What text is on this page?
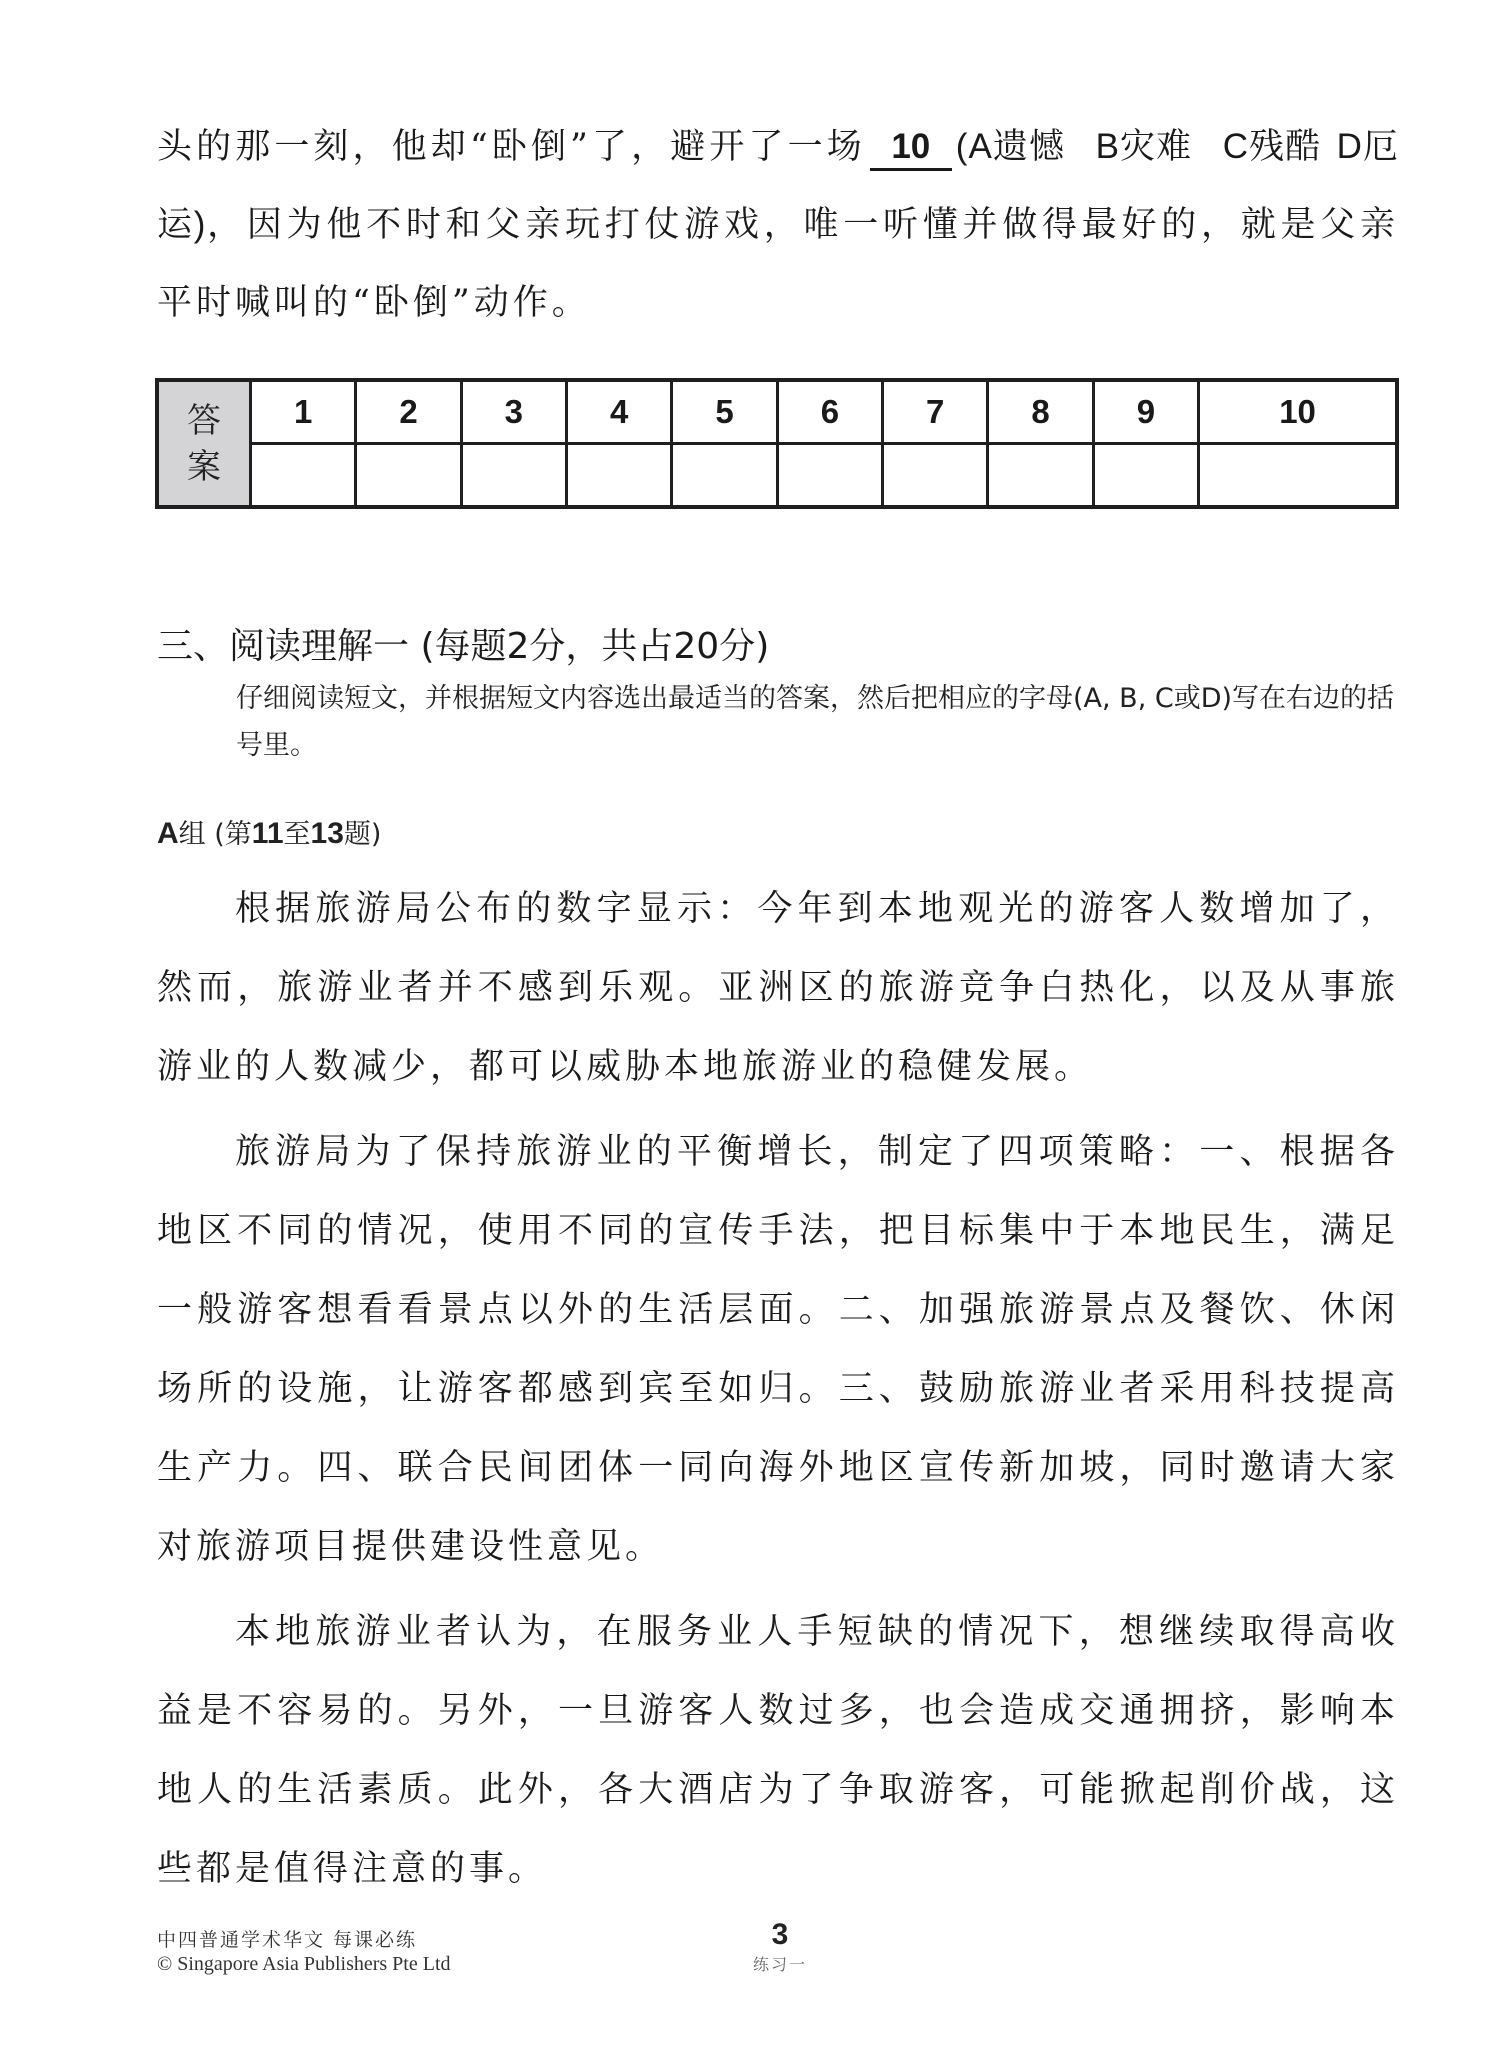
头的那一刻，他却“卧倒”了，避开了一场 10 (A遗憾 B灾难 C残酷 D厄运)，因为他不时和父亲玩打仗游戏，唯一听懂并做得最好的，就是父亲平时喊叫的“卧倒”动作。

答
案	1	2	3	4	5	6	7	8	9	10

三、阅读理解一 (每题2分，共占20分)

仔细阅读短文，并根据短文内容选出最适当的答案，然后把相应的字母(A, B, C或D)写在右边的括号里。

A组 (第11至13题)

根据旅游局公布的数字显示：今年到本地观光的游客人数增加了，然而，旅游业者并不感到乐观。亚洲区的旅游竞争白热化，以及从事旅游业的人数减少，都可以威胁本地旅游业的稳健发展。

旅游局为了保持旅游业的平衡增长，制定了四项策略：一、根据各地区不同的情况，使用不同的宣传手法，把目标集中于本地民生，满足一般游客想看看景点以外的生活层面。二、加强旅游景点及餐饮、休闲场所的设施，让游客都感到宾至如归。三、鼓励旅游业者采用科技提高生产力。四、联合民间团体一同向海外地区宣传新加坡，同时邀请大家对旅游项目提供建设性意见。

本地旅游业者认为，在服务业人手短缺的情况下，想继续取得高收益是不容易的。另外，一旦游客人数过多，也会造成交通拥挤，影响本地人的生活素质。此外，各大酒店为了争取游客，可能掀起削价战，这些都是值得注意的事。

中四普通学术华文 每课必练
© Singapore Asia Publishers Pte Ltd
3
练习一
